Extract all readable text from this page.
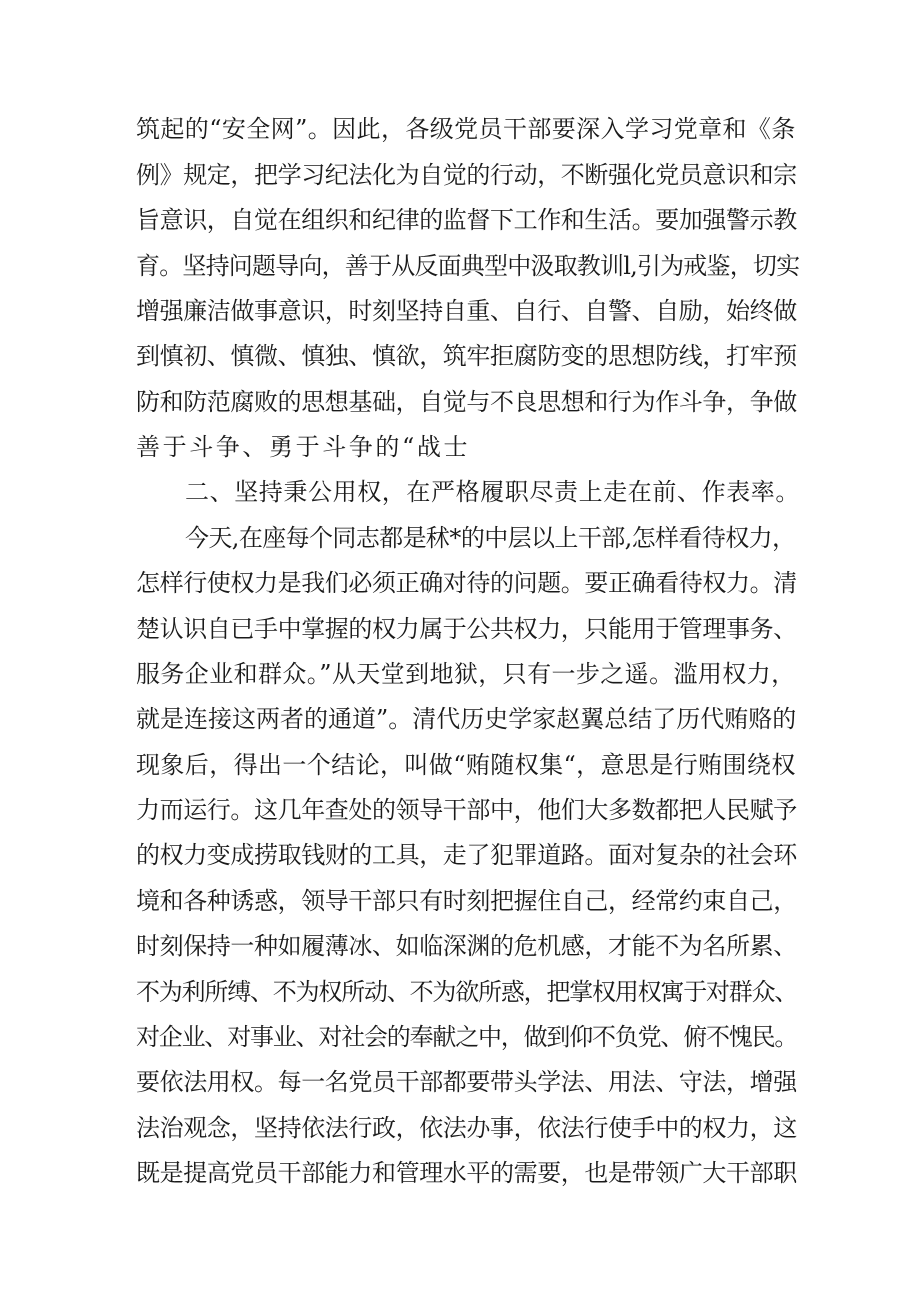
筑起的“安全网”。因此，各级党员干部要深入学习党章和《条
例》规定，把学习纪法化为自觉的行动，不断强化党员意识和宗
旨意识，自觉在组织和纪律的监督下工作和生活。要加强警示教
育。坚持问题导向，善于从反面典型中汲取教训l,引为戒鉴，切实
增强廉洁做事意识，时刻坚持自重、自行、自警、自励，始终做
到慎初、慎微、慎独、慎欲，筑牢拒腐防变的思想防线，打牢预
防和防范腐败的思想基础，自觉与不良思想和行为作斗争，争做
善于斗争、勇于斗争的“战士
二、坚持秉公用权，在严格履职尽责上走在前、作表率。
今天,在座每个同志都是秫*的中层以上干部,怎样看待权力，
怎样行使权力是我们必须正确对待的问题。要正确看待权力。清
楚认识自已手中掌握的权力属于公共权力，只能用于管理事务、
服务企业和群众。”从天堂到地狱，只有一步之遥。滥用权力，
就是连接这两者的通道”。清代历史学家赵翼总结了历代贿赂的
现象后，得出一个结论，叫做“贿随权集“，意思是行贿围绕权
力而运行。这几年查处的领导干部中，他们大多数都把人民赋予
的权力变成捞取钱财的工具，走了犯罪道路。面对复杂的社会环
境和各种诱惑，领导干部只有时刻把握住自己，经常约束自己，
时刻保持一种如履薄冰、如临深渊的危机感，才能不为名所累、
不为利所缚、不为权所动、不为欲所惑，把掌权用权寓于对群众、
对企业、对事业、对社会的奉献之中，做到仰不负党、俯不愧民。
要依法用权。每一名党员干部都要带头学法、用法、守法，增强
法治观念，坚持依法行政，依法办事，依法行使手中的权力，这
既是提高党员干部能力和管理水平的需要，也是带领广大干部职
